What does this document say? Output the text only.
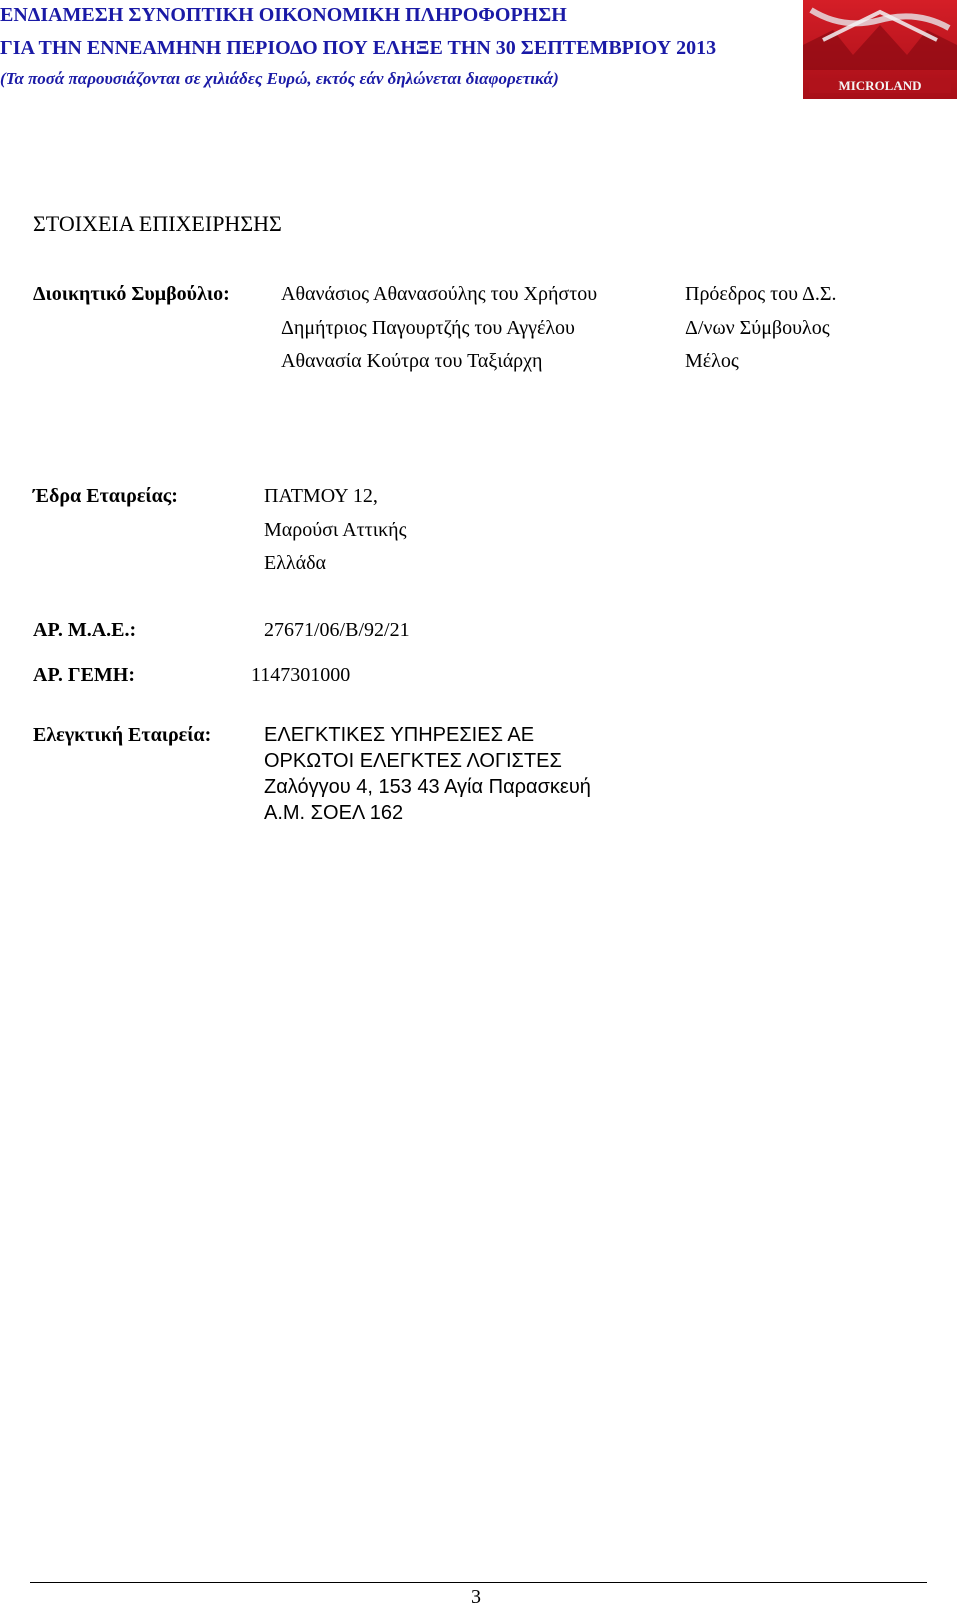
ΕΝΔΙΑΜΕΣΗ ΣΥΝΟΠΤΙΚΗ ΟΙΚΟΝΟΜΙΚΗ ΠΛΗΡΟΦΟΡΗΣΗ
ΓΙΑ ΤΗΝ ΕΝΝΕΑΜΗΝΗ ΠΕΡΙΟΔΟ ΠΟΥ ΕΛΗΞΕ ΤΗΝ 30 ΣΕΠΤΕΜΒΡΙΟΥ 2013
(Τα ποσά παρουσιάζονται σε χιλιάδες Ευρώ, εκτός εάν δηλώνεται διαφορετικά)	MICROLAND
ΣΤΟΙΧΕΙΑ ΕΠΙΧΕΙΡΗΣΗΣ
Διοικητικό Συμβούλιο:	Αθανάσιος Αθανασούλης του Χρήστου	Πρόεδρος του Δ.Σ.
Δημήτριος Παγουρτζής του Αγγέλου	Δ/νων Σύμβουλος
Αθανασία Κούτρα του Ταξιάρχη	Μέλος
Έδρα Εταιρείας:	ΠΑΤΜΟΥ 12,
Μαρούσι Αττικής
Ελλάδα
ΑΡ. Μ.Α.Ε.:	27671/06/Β/92/21
ΑΡ. ΓΕΜΗ:	1147301000
Ελεγκτική Εταιρεία:	ΕΛΕΓΚΤΙΚΕΣ ΥΠΗΡΕΣΙΕΣ ΑΕ
ΟΡΚΩΤΟΙ ΕΛΕΓΚΤΕΣ ΛΟΓΙΣΤΕΣ
Ζαλόγγου 4, 153 43 Αγία Παρασκευή
Α.Μ. ΣΟΕΛ 162
3
